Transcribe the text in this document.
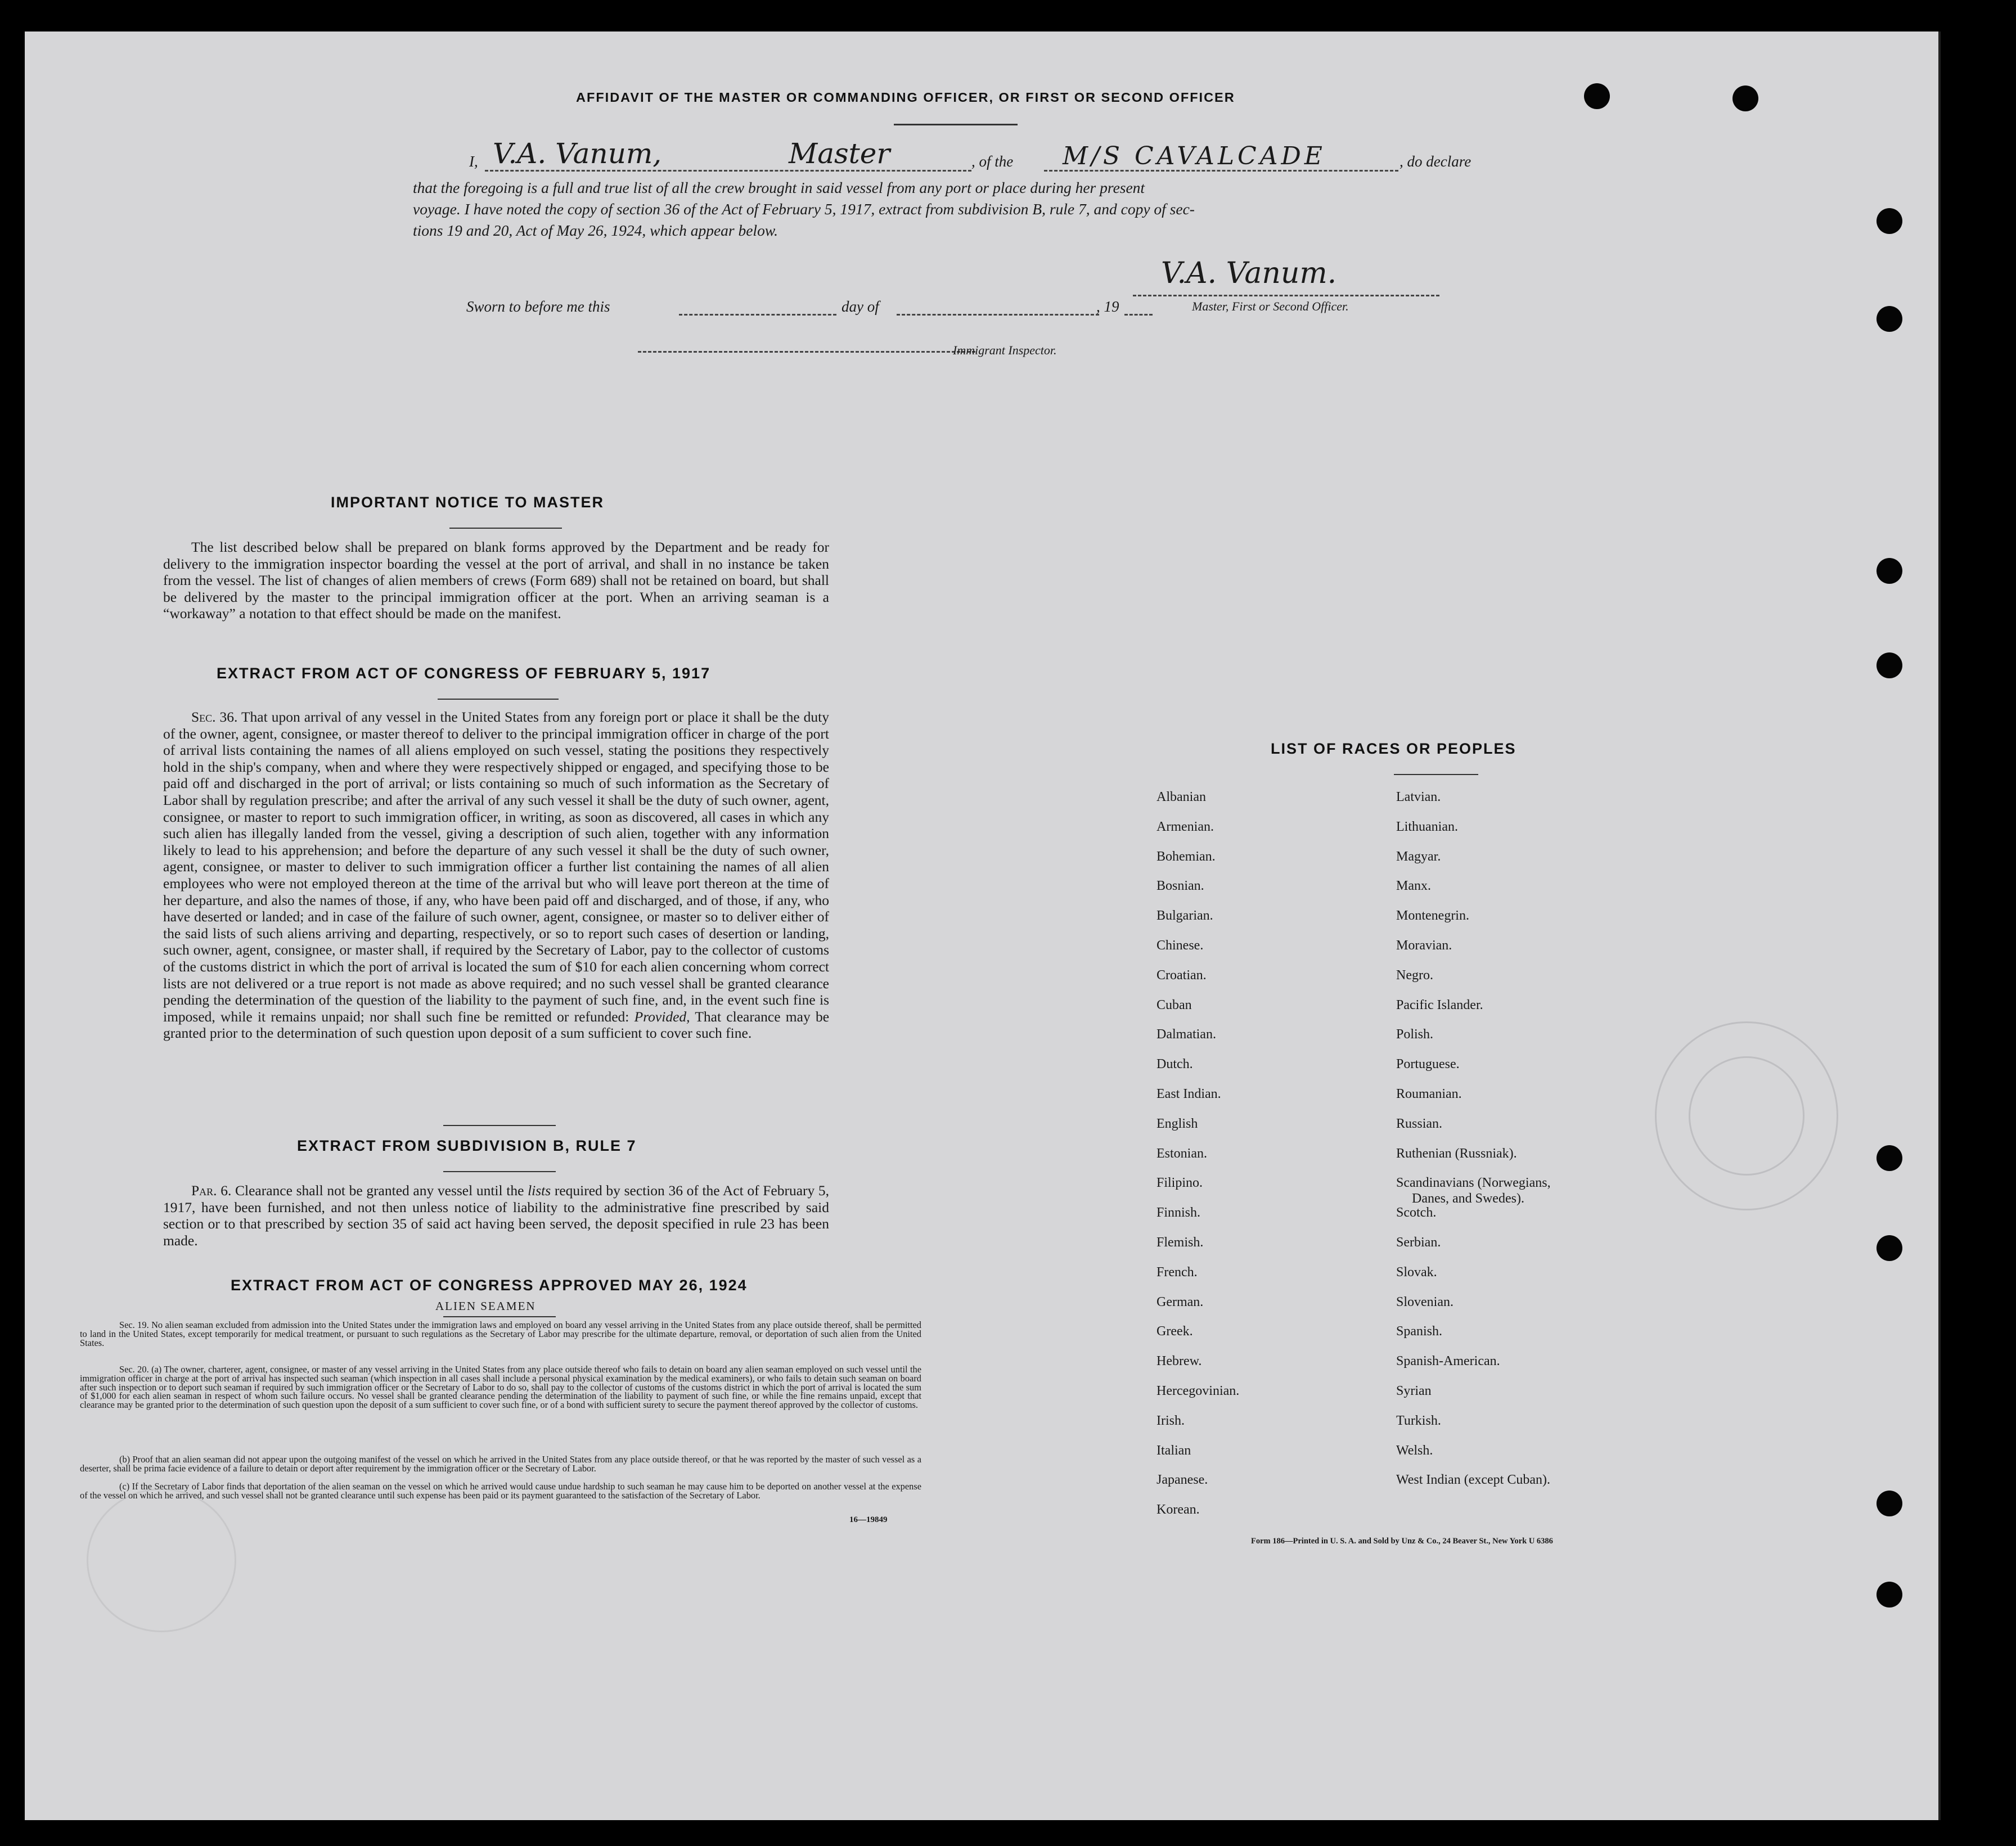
AFFIDAVIT OF THE MASTER OR COMMANDING OFFICER, OR FIRST OR SECOND OFFICER
I, V.A. Vanum,	Master	, of the M/S CAVALCADE	, do declare
that the foregoing is a full and true list of all the crew brought in said vessel from any port or place during her present
voyage. I have noted the copy of section 36 of the Act of February 5, 1917, extract from subdivision B, rule 7, and copy of sec-
tions 19 and 20, Act of May 26, 1924, which appear below.
V.A. Vanum.
Master, First or Second Officer.
Sworn to before me this	day of	, 19
Immigrant Inspector.
IMPORTANT NOTICE TO MASTER
The list described below shall be prepared on blank forms approved by the Department and be ready for delivery to the immigration inspector boarding the vessel at the port of arrival, and shall in no instance be taken from the vessel. The list of changes of alien members of crews (Form 689) shall not be retained on board, but shall be delivered by the master to the principal immigration officer at the port. When an arriving seaman is a “workaway” a notation to that effect should be made on the manifest.
EXTRACT FROM ACT OF CONGRESS OF FEBRUARY 5, 1917
Sec. 36. That upon arrival of any vessel in the United States from any foreign port or place it shall be the duty of the owner, agent, consignee, or master thereof to deliver to the principal immigration officer in charge of the port of arrival lists containing the names of all aliens employed on such vessel, stating the positions they respectively hold in the ship's company, when and where they were respectively shipped or engaged, and specifying those to be paid off and discharged in the port of arrival; or lists containing so much of such information as the Secretary of Labor shall by regulation prescribe; and after the arrival of any such vessel it shall be the duty of such owner, agent, consignee, or master to report to such immigration officer, in writing, as soon as discovered, all cases in which any such alien has illegally landed from the vessel, giving a description of such alien, together with any information likely to lead to his apprehension; and before the departure of any such vessel it shall be the duty of such owner, agent, consignee, or master to deliver to such immigration officer a further list containing the names of all alien employees who were not employed thereon at the time of the arrival but who will leave port thereon at the time of her departure, and also the names of those, if any, who have been paid off and discharged, and of those, if any, who have deserted or landed; and in case of the failure of such owner, agent, consignee, or master so to deliver either of the said lists of such aliens arriving and departing, respectively, or so to report such cases of desertion or landing, such owner, agent, consignee, or master shall, if required by the Secretary of Labor, pay to the collector of customs of the customs district in which the port of arrival is located the sum of $10 for each alien concerning whom correct lists are not delivered or a true report is not made as above required; and no such vessel shall be granted clearance pending the determination of the question of the liability to the payment of such fine, and, in the event such fine is imposed, while it remains unpaid; nor shall such fine be remitted or refunded: Provided, That clearance may be granted prior to the determination of such question upon deposit of a sum sufficient to cover such fine.
EXTRACT FROM SUBDIVISION B, RULE 7
Par. 6. Clearance shall not be granted any vessel until the lists required by section 36 of the Act of February 5, 1917, have been furnished, and not then unless notice of liability to the administrative fine prescribed by said section or to that prescribed by section 35 of said act having been served, the deposit specified in rule 23 has been made.
EXTRACT FROM ACT OF CONGRESS APPROVED MAY 26, 1924
ALIEN SEAMEN
Sec. 19. No alien seaman excluded from admission into the United States under the immigration laws and employed on board any vessel arriving in the United States from any place outside thereof, shall be permitted to land in the United States, except temporarily for medical treatment, or pursuant to such regulations as the Secretary of Labor may prescribe for the ultimate departure, removal, or deportation of such alien from the United States.
Sec. 20. (a) The owner, charterer, agent, consignee, or master of any vessel arriving in the United States from any place outside thereof who fails to detain on board any alien seaman employed on such vessel until the immigration officer in charge at the port of arrival has inspected such seaman (which inspection in all cases shall include a personal physical examination by the medical examiners), or who fails to detain such seaman on board after such inspection or to deport such seaman if required by such immigration officer or the Secretary of Labor to do so, shall pay to the collector of customs of the customs district in which the port of arrival is located the sum of $1,000 for each alien seaman in respect of whom such failure occurs. No vessel shall be granted clearance pending the determination of the liability to payment of such fine, or while the fine remains unpaid, except that clearance may be granted prior to the determination of such question upon the deposit of a sum sufficient to cover such fine, or of a bond with sufficient surety to secure the payment thereof approved by the collector of customs.
(b) Proof that an alien seaman did not appear upon the outgoing manifest of the vessel on which he arrived in the United States from any place outside thereof, or that he was reported by the master of such vessel as a deserter, shall be prima facie evidence of a failure to detain or deport after requirement by the immigration officer or the Secretary of Labor.
(c) If the Secretary of Labor finds that deportation of the alien seaman on the vessel on which he arrived would cause undue hardship to such seaman he may cause him to be deported on another vessel at the expense of the vessel on which he arrived, and such vessel shall not be granted clearance until such expense has been paid or its payment guaranteed to the satisfaction of the Secretary of Labor.
16—19849
LIST OF RACES OR PEOPLES
Albanian
Armenian.
Bohemian.
Bosnian.
Bulgarian.
Chinese.
Croatian.
Cuban
Dalmatian.
Dutch.
East Indian.
English
Estonian.
Filipino.
Finnish.
Flemish.
French.
German.
Greek.
Hebrew.
Hercegovinian.
Irish.
Italian
Japanese.
Korean.
Latvian.
Lithuanian.
Magyar.
Manx.
Montenegrin.
Moravian.
Negro.
Pacific Islander.
Polish.
Portuguese.
Roumanian.
Russian.
Ruthenian (Russniak).
Scandinavians (Norwegians,
Danes, and Swedes).
Scotch.
Serbian.
Slovak.
Slovenian.
Spanish.
Spanish-American.
Syrian
Turkish.
Welsh.
West Indian (except Cuban).
Form 186—Printed in U. S. A. and Sold by Unz & Co., 24 Beaver St., New York U 6386
